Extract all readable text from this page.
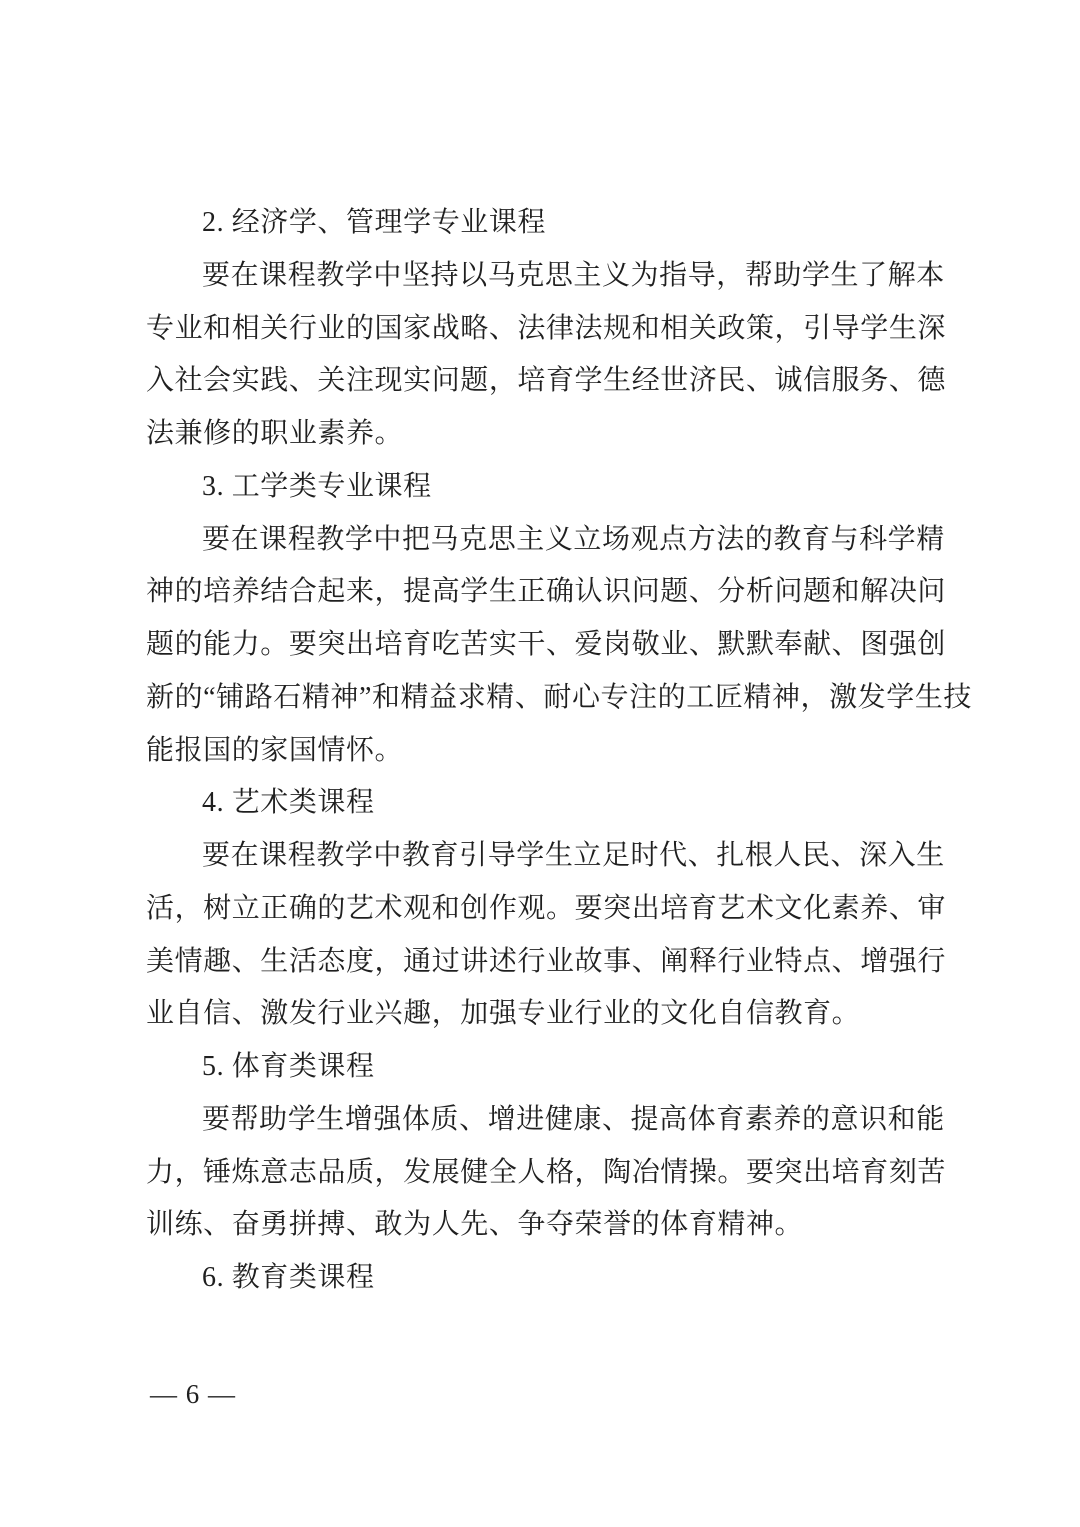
2. 经济学、管理学专业课程
要在课程教学中坚持以马克思主义为指导，帮助学生了解本
专业和相关行业的国家战略、法律法规和相关政策，引导学生深
入社会实践、关注现实问题，培育学生经世济民、诚信服务、德
法兼修的职业素养。
3. 工学类专业课程
要在课程教学中把马克思主义立场观点方法的教育与科学精
神的培养结合起来，提高学生正确认识问题、分析问题和解决问
题的能力。要突出培育吃苦实干、爱岗敬业、默默奉献、图强创
新的“铺路石精神”和精益求精、耐心专注的工匠精神，激发学生技
能报国的家国情怀。
4. 艺术类课程
要在课程教学中教育引导学生立足时代、扎根人民、深入生
活，树立正确的艺术观和创作观。要突出培育艺术文化素养、审
美情趣、生活态度，通过讲述行业故事、阐释行业特点、增强行
业自信、激发行业兴趣，加强专业行业的文化自信教育。
5. 体育类课程
要帮助学生增强体质、增进健康、提高体育素养的意识和能
力，锤炼意志品质，发展健全人格，陶冶情操。要突出培育刻苦
训练、奋勇拼搏、敢为人先、争夺荣誉的体育精神。
6. 教育类课程
— 6 —
